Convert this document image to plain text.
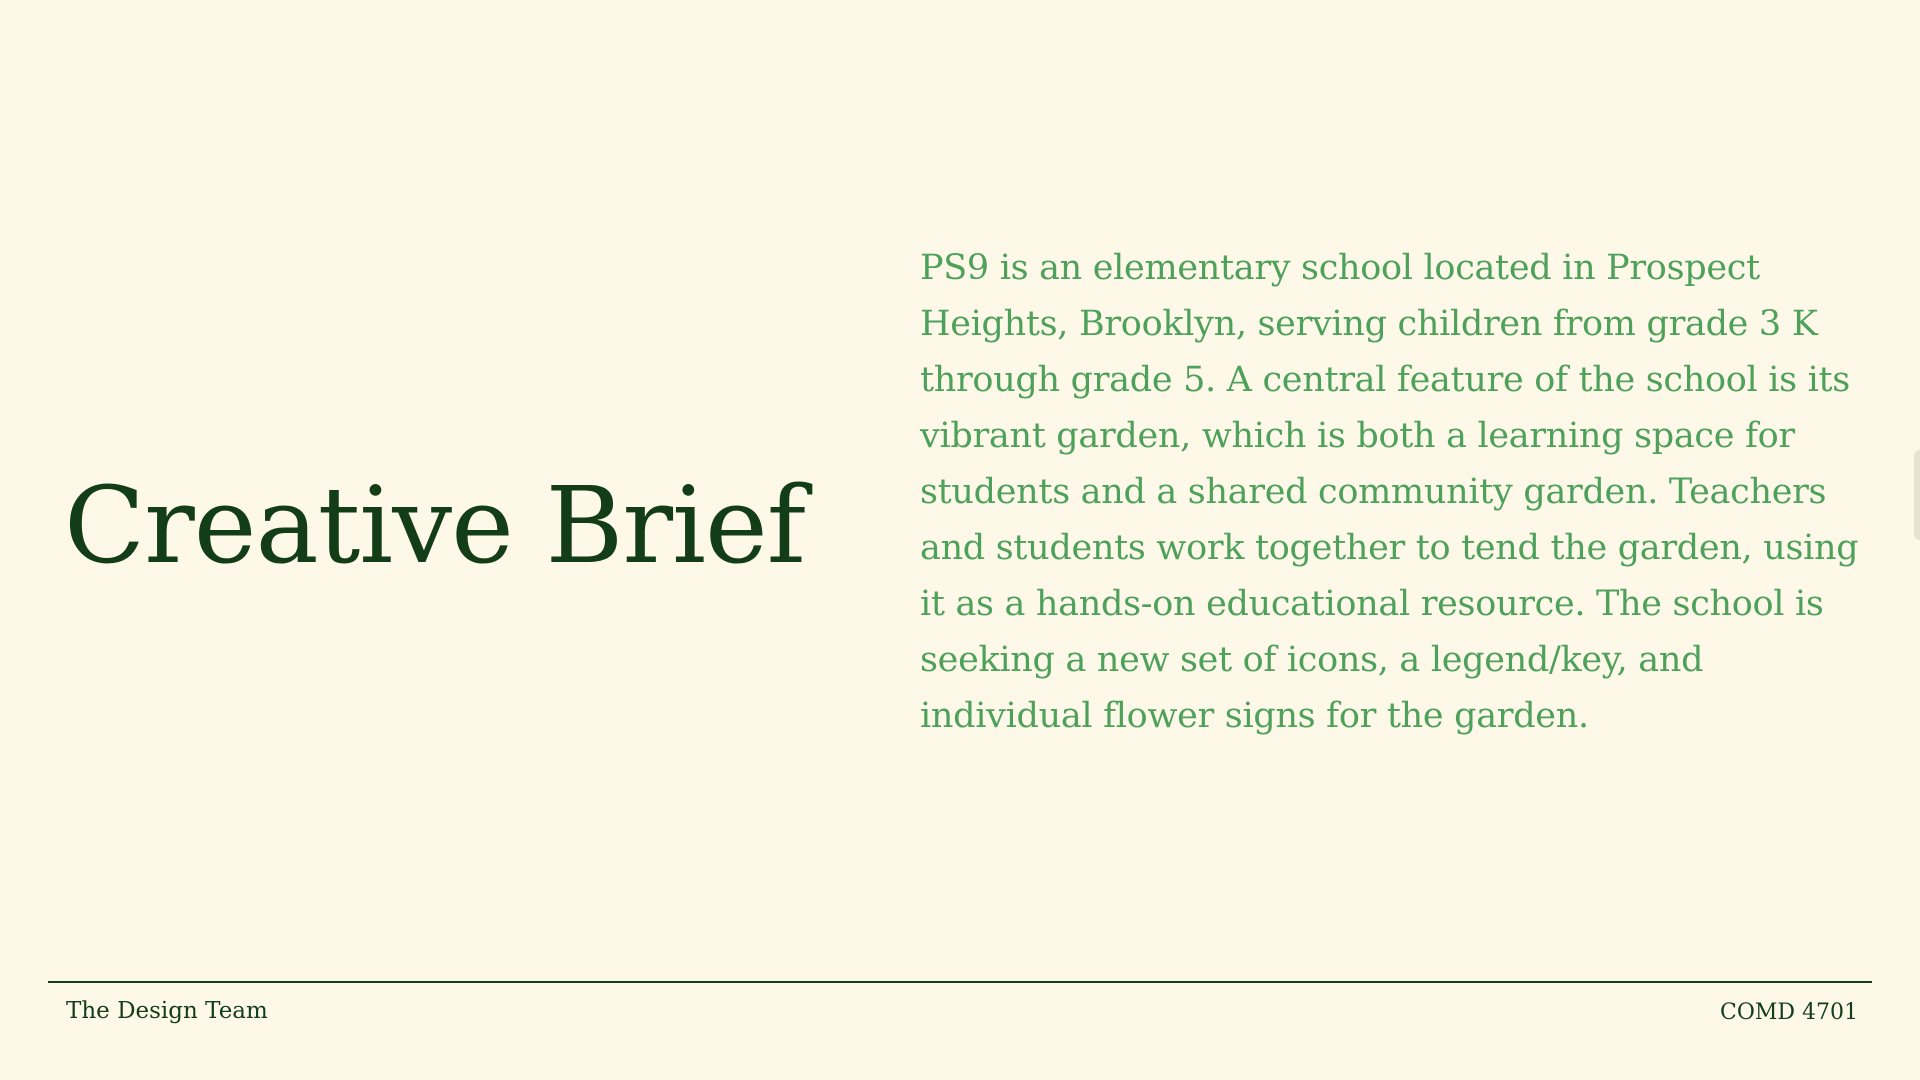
Creative Brief

PS9 is an elementary school located in Prospect Heights, Brooklyn, serving children from grade 3 K through grade 5. A central feature of the school is its vibrant garden, which is both a learning space for students and a shared community garden. Teachers and students work together to tend the garden, using it as a hands-on educational resource. The school is seeking a new set of icons, a legend/key, and individual flower signs for the garden.

The Design Team	COMD 4701
